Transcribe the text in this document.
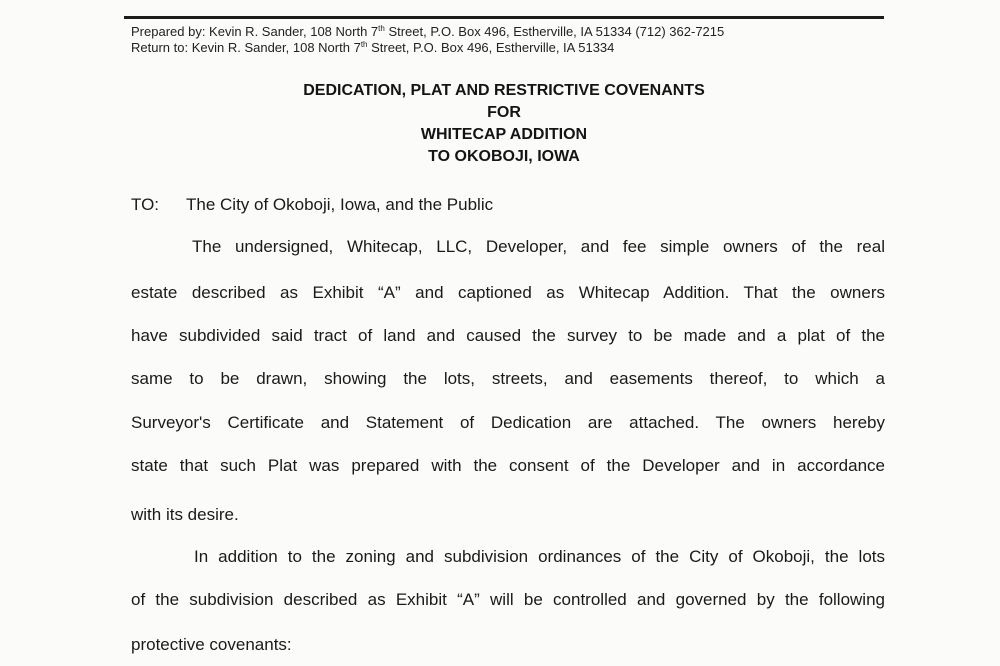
Prepared by: Kevin R. Sander, 108 North 7th Street, P.O. Box 496, Estherville, IA 51334 (712) 362-7215
Return to: Kevin R. Sander, 108 North 7th Street, P.O. Box 496, Estherville, IA 51334
DEDICATION, PLAT AND RESTRICTIVE COVENANTS
FOR
WHITECAP ADDITION
TO OKOBOJI, IOWA
TO: The City of Okoboji, Iowa, and the Public
The undersigned, Whitecap, LLC, Developer, and fee simple owners of the real
estate described as Exhibit “A” and captioned as Whitecap Addition. That the owners
have subdivided said tract of land and caused the survey to be made and a plat of the
same to be drawn, showing the lots, streets, and easements thereof, to which a
Surveyor's Certificate and Statement of Dedication are attached. The owners hereby
state that such Plat was prepared with the consent of the Developer and in accordance
with its desire.
In addition to the zoning and subdivision ordinances of the City of Okoboji, the lots
of the subdivision described as Exhibit “A” will be controlled and governed by the following
protective covenants:
